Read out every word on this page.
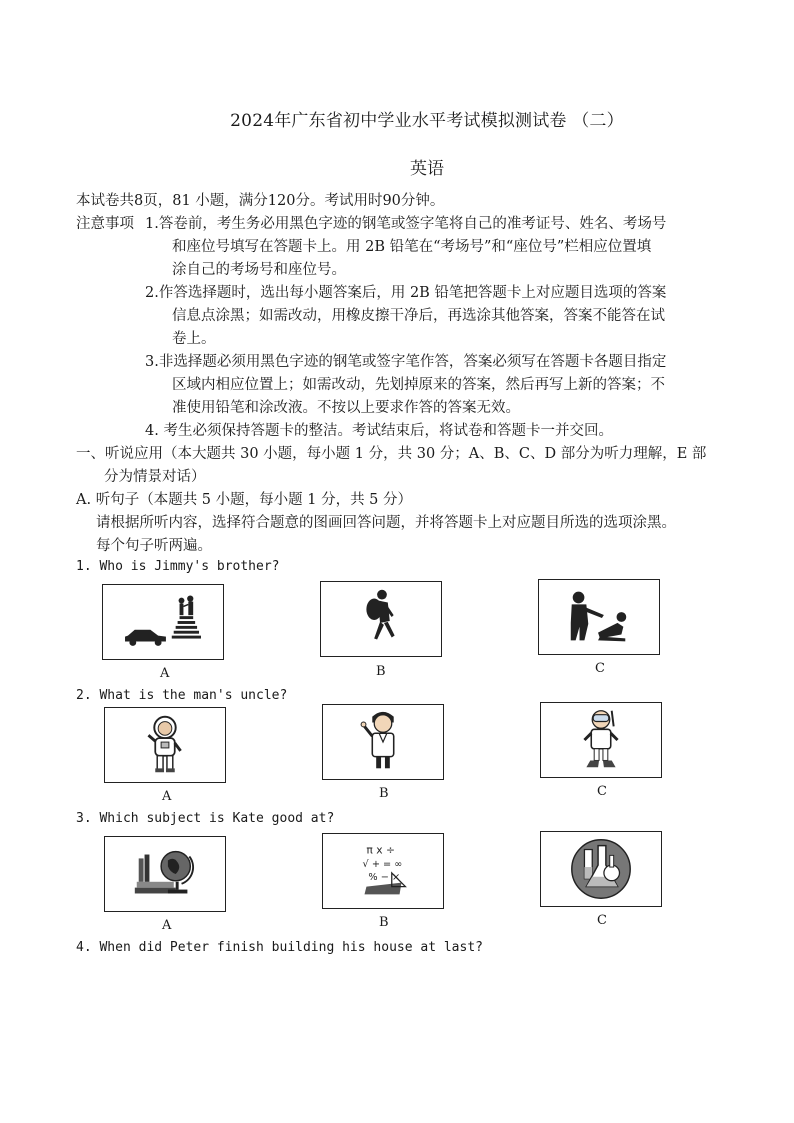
2024年广东省初中学业水平考试模拟测试卷 （二）
英语
本试卷共8页，81 小题，满分120分。考试用时90分钟。
注意事项 1.答卷前，考生务必用黑色字迹的钢笔或签字笔将自己的准考证号、姓名、考场号
和座位号填写在答题卡上。用 2B 铅笔在“考场号”和“座位号”栏相应位置填
涂自己的考场号和座位号。
2.作答选择题时，选出每小题答案后，用 2B 铅笔把答题卡上对应题目选项的答案
信息点涂黑；如需改动，用橡皮擦干净后，再选涂其他答案，答案不能答在试
卷上。
3.非选择题必须用黑色字迹的钢笔或签字笔作答，答案必须写在答题卡各题目指定
区域内相应位置上；如需改动，先划掉原来的答案，然后再写上新的答案；不
准使用铅笔和涂改液。不按以上要求作答的答案无效。
4. 考生必须保持答题卡的整洁。考试结束后，将试卷和答题卡一并交回。
一、听说应用（本大题共 30 小题，每小题 1 分，共 30 分；A、B、C、D 部分为听力理解，E 部
分为情景对话）
A. 听句子（本题共 5 小题，每小题 1 分，共 5 分）
请根据所听内容，选择符合题意的图画回答问题，并将答题卡上对应题目所选的选项涂黑。
每个句子听两遍。
1. Who is Jimmy's brother?
A	B	C
2. What is the man's uncle?
A	B	C
3. Which subject is Kate good at?
A
π x ÷
√ + = ∞
% − ×
B	C
4. When did Peter finish building his house at last?
